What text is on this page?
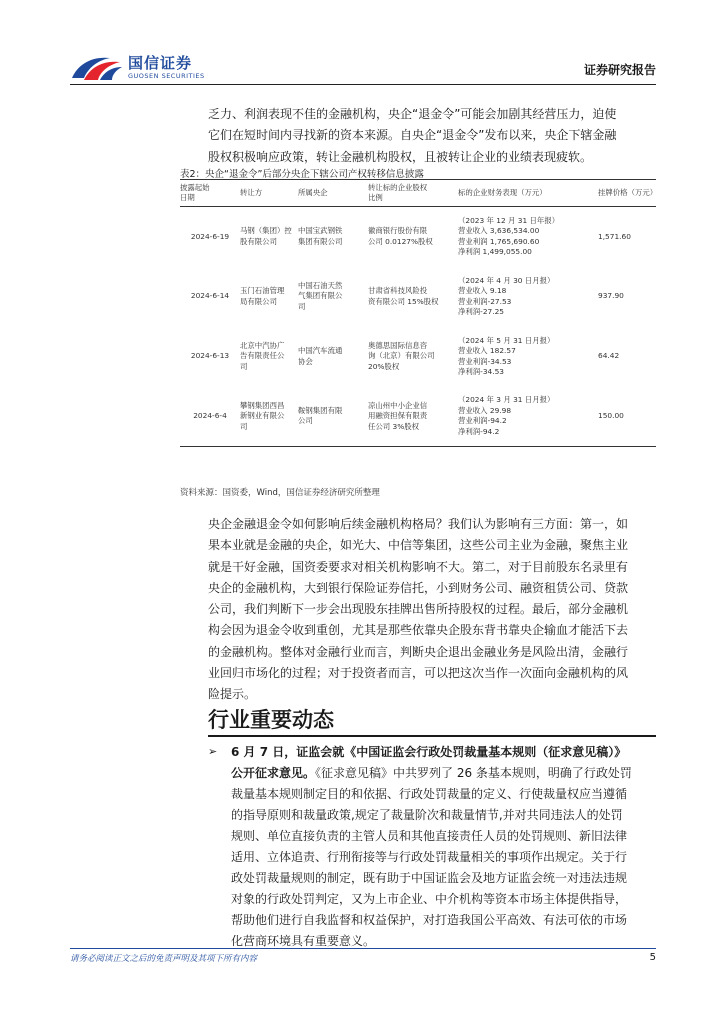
国信证券
GUOSEN SECURITIES	证券研究报告

乏力、利润表现不佳的金融机构，央企“退金令”可能会加剧其经营压力，迫使

它们在短时间内寻找新的资本来源。自央企“退金令”发布以来，央企下辖金融

股权积极响应政策，转让金融机构股权，且被转让企业的业绩表现疲软。

表2：央企“退金令”后部分央企下辖公司产权转移信息披露
披露起始
日期	转让方	所属央企	转让标的企业股权
比例	标的企业财务表现（万元）	挂牌价格（万元）

2024-6-19	马钢（集团）控
股有限公司	中国宝武钢铁
集团有限公司	徽商银行股份有限
公司 0.0127%股权	（2023 年 12 月 31 日年报）
营业收入 3,636,534.00
营业利润 1,765,690.60
净利润 1,499,055.00	1,571.60
2024-6-14	玉门石油管理
局有限公司	中国石油天然
气集团有限公
司	甘肃省科技风险投
资有限公司 15%股权	（2024 年 4 月 30 日月报）
营业收入 9.18
营业利润-27.53
净利润-27.25	937.90
2024-6-13	北京中汽协广
告有限责任公
司	中国汽车流通
协会	奥德思国际信息咨
询（北京）有限公司
20%股权	（2024 年 5 月 31 日月报）
营业收入 182.57
营业利润-34.53
净利润-34.53	64.42
2024-6-4	攀钢集团西昌
新钢业有限公
司	鞍钢集团有限
公司	凉山州中小企业信
用融资担保有限责
任公司 3%股权	（2024 年 3 月 31 日月报）
营业收入 29.98
营业利润-94.2
净利润-94.2	150.00
资料来源：国资委，Wind，国信证券经济研究所整理

央企金融退金令如何影响后续金融机构格局？我们认为影响有三方面：第一，如

果本业就是金融的央企，如光大、中信等集团，这些公司主业为金融，聚焦主业

就是干好金融，国资委要求对相关机构影响不大。第二，对于目前股东名录里有

央企的金融机构，大到银行保险证券信托，小到财务公司、融资租赁公司、贷款

公司，我们判断下一步会出现股东挂牌出售所持股权的过程。最后，部分金融机

构会因为退金令收到重创，尤其是那些依靠央企股东背书靠央企输血才能活下去

的金融机构。整体对金融行业而言，判断央企退出金融业务是风险出清，金融行

业回归市场化的过程；对于投资者而言，可以把这次当作一次面向金融机构的风

险提示。

行业重要动态
➢ 6 月 7 日，证监会就《中国证监会行政处罚裁量基本规则（征求意见稿）》

公开征求意见。《征求意见稿》中共罗列了 26 条基本规则，明确了行政处罚

裁量基本规则制定目的和依据、行政处罚裁量的定义、行使裁量权应当遵循

的指导原则和裁量政策,规定了裁量阶次和裁量情节,并对共同违法人的处罚

规则、单位直接负责的主管人员和其他直接责任人员的处罚规则、新旧法律

适用、立体追责、行刑衔接等与行政处罚裁量相关的事项作出规定。关于行

政处罚裁量规则的制定，既有助于中国证监会及地方证监会统一对违法违规

对象的行政处罚判定，又为上市企业、中介机构等资本市场主体提供指导，

帮助他们进行自我监督和权益保护，对打造我国公平高效、有法可依的市场

化营商环境具有重要意义。

请务必阅读正文之后的免责声明及其项下所有内容	5
